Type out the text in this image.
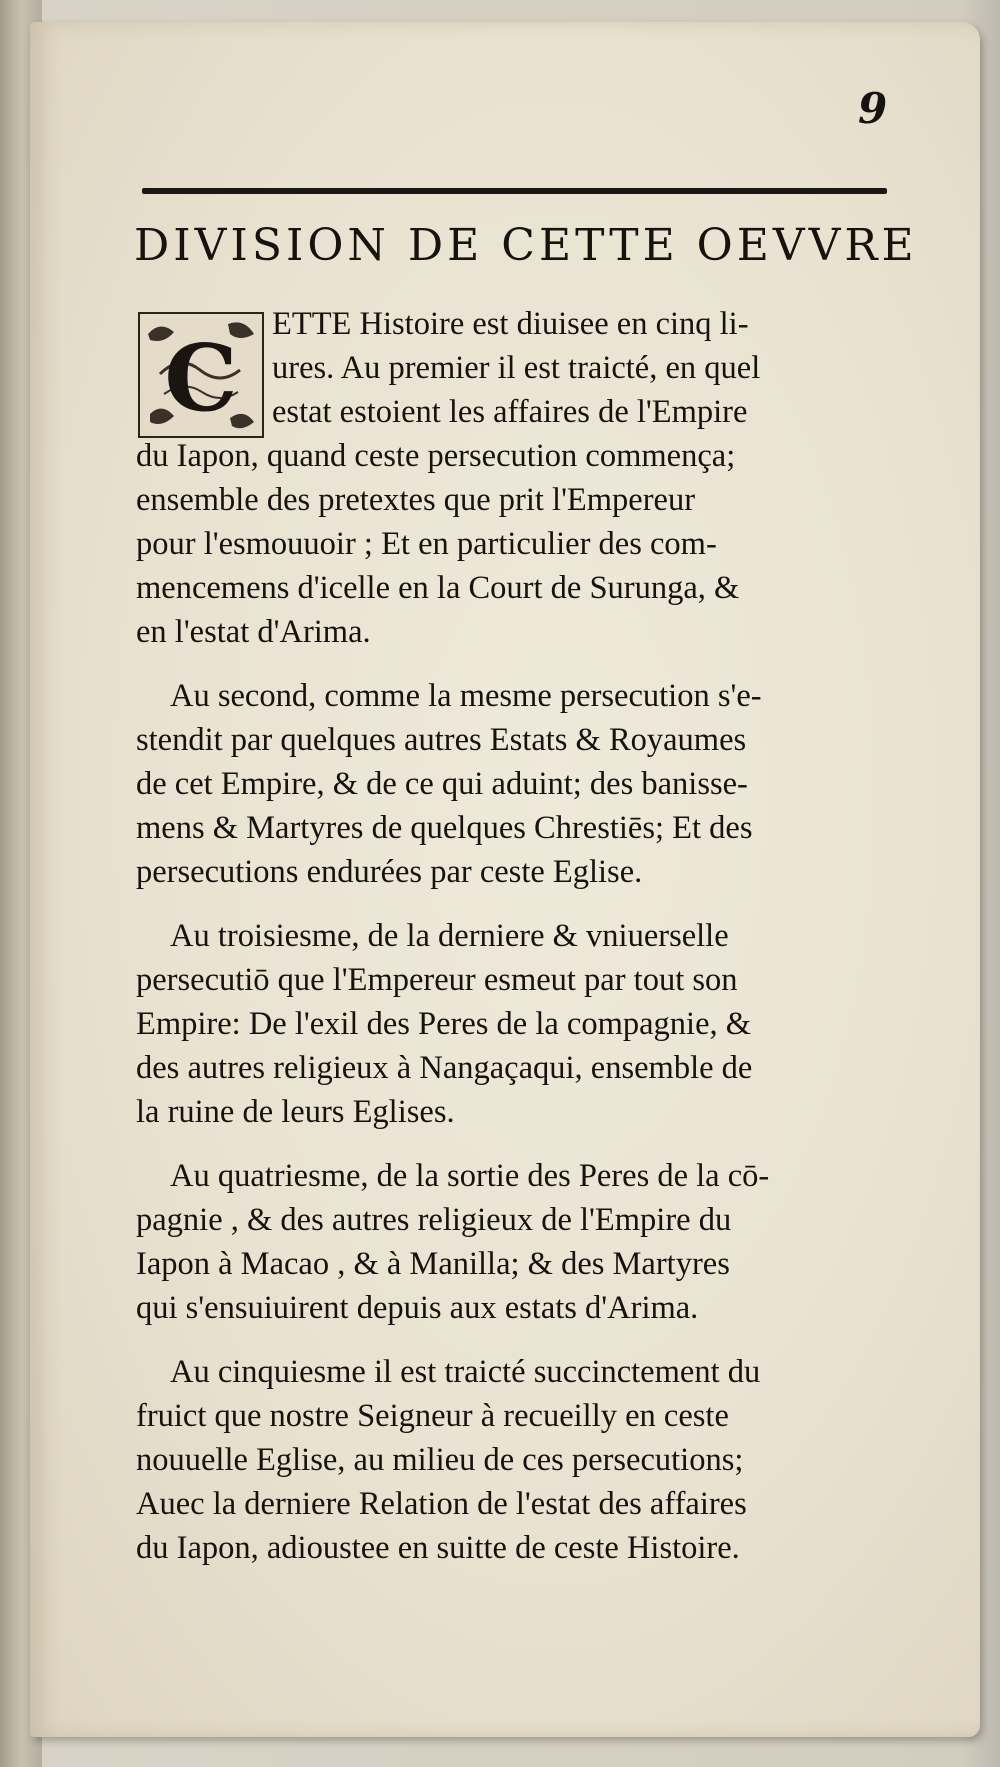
9
DIVISION DE CETTE OEVVRE
C ETTE Histoire est diuisee en cinq li-
ures. Au premier il est traicté, en quel
estat estoient les affaires de l'Empire
du Iapon, quand ceste persecution commença;
ensemble des pretextes que prit l'Empereur
pour l'esmouuoir ; Et en particulier des com-
mencemens d'icelle en la Court de Surunga, &
en l'estat d'Arima.
Au second, comme la mesme persecution s'e-
stendit par quelques autres Estats & Royaumes
de cet Empire, & de ce qui aduint; des banisse-
mens & Martyres de quelques Chrestiēs; Et des
persecutions endurées par ceste Eglise.
Au troisiesme, de la derniere & vniuerselle
persecutiō que l'Empereur esmeut par tout son
Empire: De l'exil des Peres de la compagnie, &
des autres religieux à Nangaçaqui, ensemble de
la ruine de leurs Eglises.
Au quatriesme, de la sortie des Peres de la cō-
pagnie , & des autres religieux de l'Empire du
Iapon à Macao , & à Manilla; & des Martyres
qui s'ensuiuirent depuis aux estats d'Arima.
Au cinquiesme il est traicté succinctement du
fruict que nostre Seigneur à recueilly en ceste
nouuelle Eglise, au milieu de ces persecutions;
Auec la derniere Relation de l'estat des affaires
du Iapon, adioustee en suitte de ceste Histoire.
